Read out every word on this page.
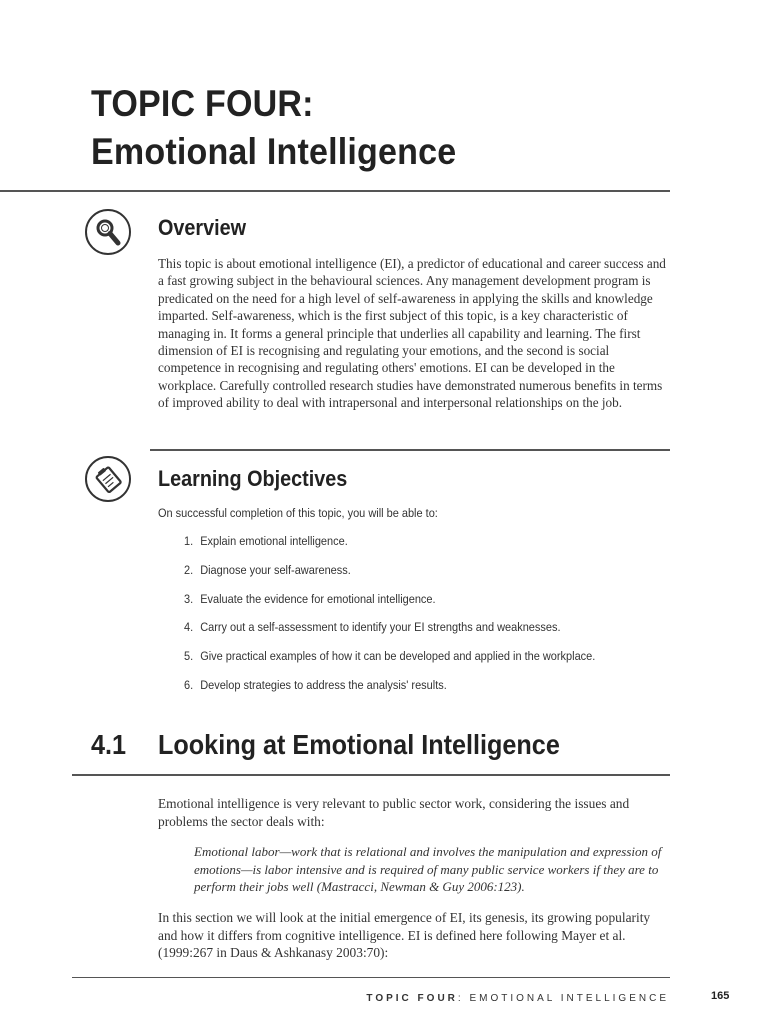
TOPIC FOUR:
Emotional Intelligence
Overview

This topic is about emotional intelligence (EI), a predictor of educational and career success and a fast growing subject in the behavioural sciences. Any management development program is predicated on the need for a high level of self-awareness in applying the skills and knowledge imparted. Self-awareness, which is the first subject of this topic, is a key characteristic of managing in. It forms a general principle that underlies all capability and learning. The first dimension of EI is recognising and regulating your emotions, and the second is social competence in recognising and regulating others' emotions. EI can be developed in the workplace. Carefully controlled research studies have demonstrated numerous benefits in terms of improved ability to deal with intrapersonal and interpersonal relationships on the job.

Learning Objectives

On successful completion of this topic, you will be able to:

1. Explain emotional intelligence.
2. Diagnose your self-awareness.
3. Evaluate the evidence for emotional intelligence.
4. Carry out a self-assessment to identify your EI strengths and weaknesses.
5. Give practical examples of how it can be developed and applied in the workplace.
6. Develop strategies to address the analysis' results.
4.1 Looking at Emotional Intelligence

Emotional intelligence is very relevant to public sector work, considering the issues and problems the sector deals with:

Emotional labor—work that is relational and involves the manipulation and expression of emotions—is labor intensive and is required of many public service workers if they are to perform their jobs well (Mastracci, Newman & Guy 2006:123).

In this section we will look at the initial emergence of EI, its genesis, its growing popularity and how it differs from cognitive intelligence. EI is defined here following Mayer et al. (1999:267 in Daus & Ashkanasy 2003:70):

TOPIC FOUR: EMOTIONAL INTELLIGENCE	165
